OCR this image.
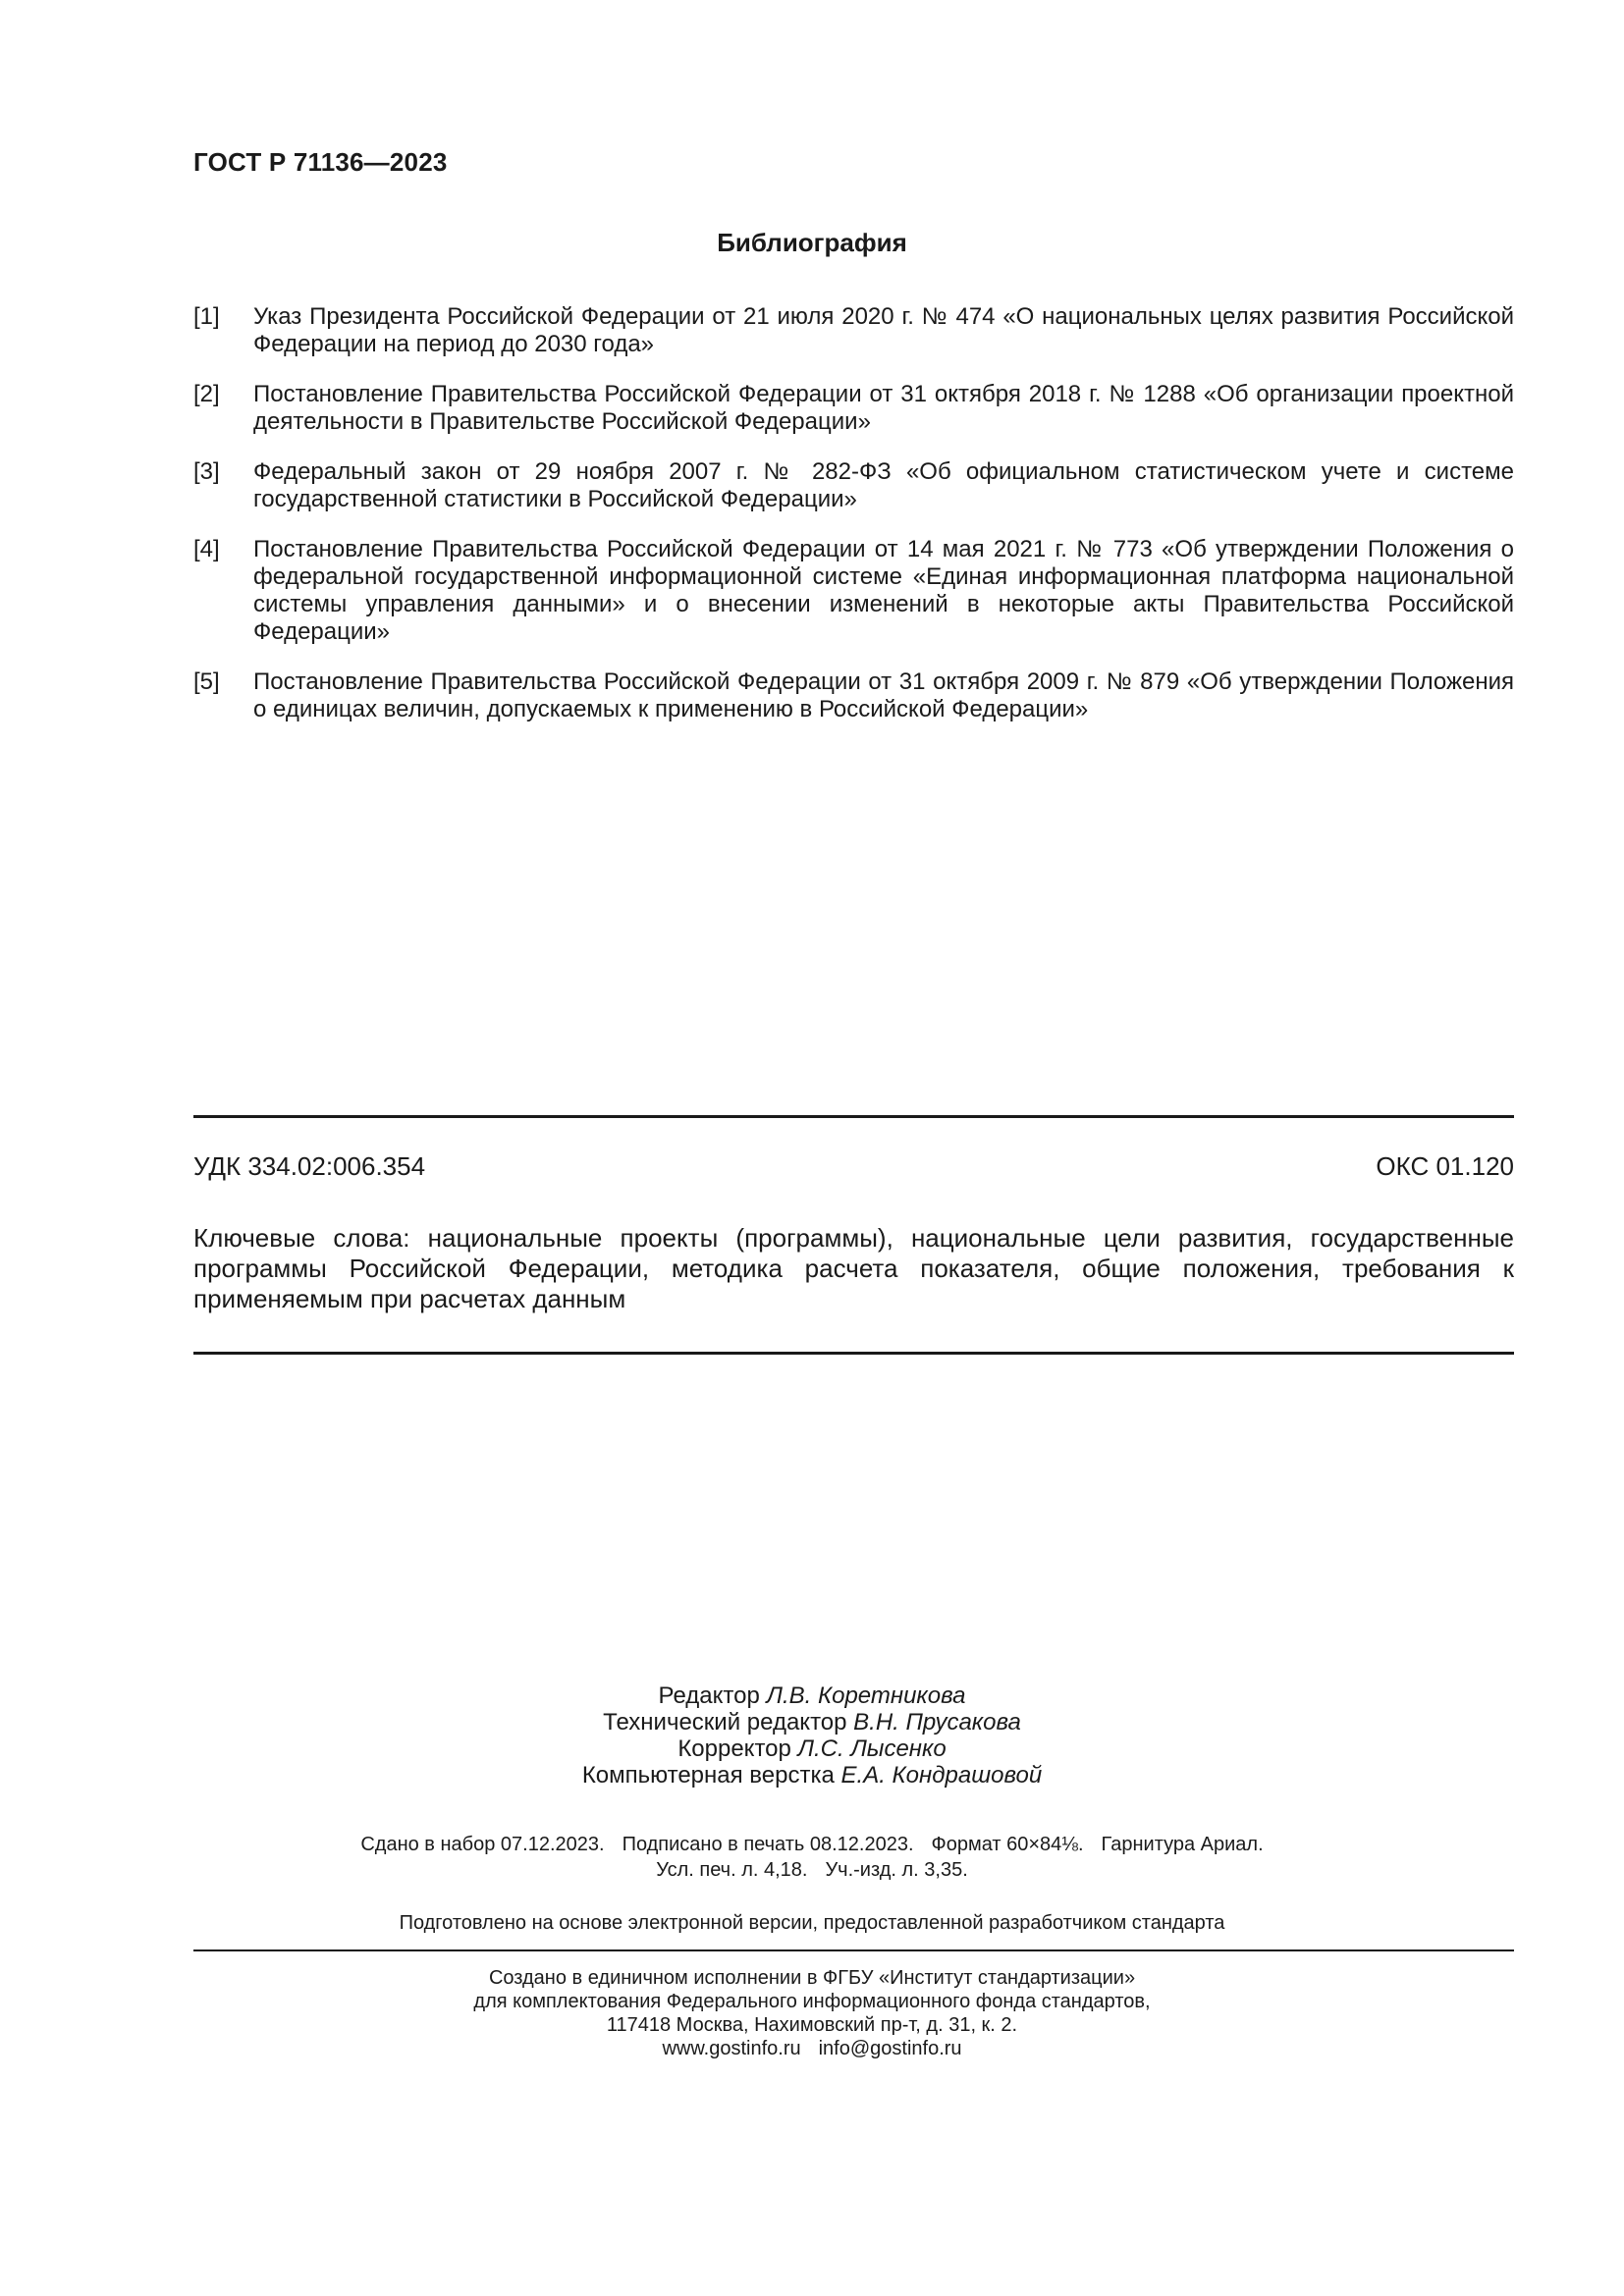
ГОСТ Р 71136—2023
Библиография
[1]	Указ Президента Российской Федерации от 21 июля 2020 г. № 474 «О национальных целях развития Российской Федерации на период до 2030 года»
[2]	Постановление Правительства Российской Федерации от 31 октября 2018 г. № 1288 «Об организации проектной деятельности в Правительстве Российской Федерации»
[3]	Федеральный закон от 29 ноября 2007 г. № 282-ФЗ «Об официальном статистическом учете и системе государственной статистики в Российской Федерации»
[4]	Постановление Правительства Российской Федерации от 14 мая 2021 г. № 773 «Об утверждении Положения о федеральной государственной информационной системе «Единая информационная платформа национальной системы управления данными» и о внесении изменений в некоторые акты Правительства Российской Федерации»
[5]	Постановление Правительства Российской Федерации от 31 октября 2009 г. № 879 «Об утверждении Положения о единицах величин, допускаемых к применению в Российской Федерации»
УДК 334.02:006.354	ОКС 01.120
Ключевые слова: национальные проекты (программы), национальные цели развития, государственные программы Российской Федерации, методика расчета показателя, общие положения, требования к применяемым при расчетах данным
Редактор Л.В. Коретникова
Технический редактор В.Н. Прусакова
Корректор Л.С. Лысенко
Компьютерная верстка Е.А. Кондрашовой
Сдано в набор 07.12.2023. Подписано в печать 08.12.2023. Формат 60×84⅛. Гарнитура Ариал.
Усл. печ. л. 4,18. Уч.-изд. л. 3,35.
Подготовлено на основе электронной версии, предоставленной разработчиком стандарта
Создано в единичном исполнении в ФГБУ «Институт стандартизации»
для комплектования Федерального информационного фонда стандартов,
117418 Москва, Нахимовский пр-т, д. 31, к. 2.
www.gostinfo.ru info@gostinfo.ru
